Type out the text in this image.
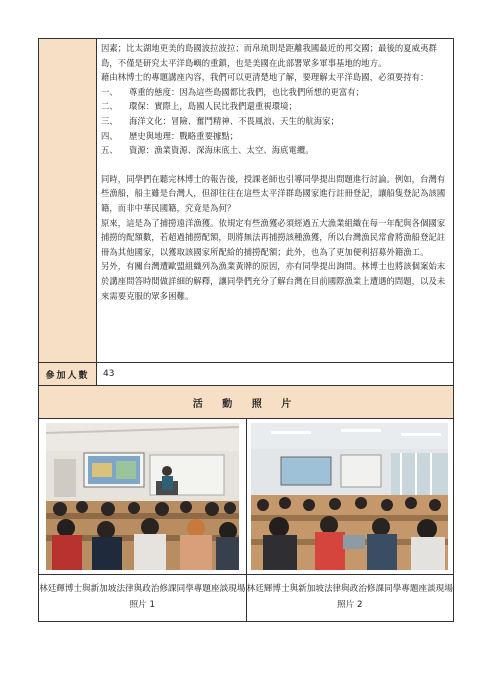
因素；比太湖地更美的島國波拉波拉；而帛琉則是距離我國最近的邦交國；最後的夏威夷群島，不僅是研究太平洋島嶼的重鎮，也是美國在此部署眾多軍事基地的地方。

藉由林博士的專題講座內容，我們可以更清楚地了解，要理解太平洋島國，必須要持有：

一、	尊重的態度：因為這些島國都比我們，也比我們所想的更富有；
二、	環保：實際上，島國人民比我們還重視環境；
三、	海洋文化：冒險、奮鬥精神、不畏風浪、天生的航海家；
四、	歷史與地理：戰略重要據點；
五、	資源：漁業資源、深海床底土、太空、海底電纜。

同時，同學們在聽完林博士的報告後，授課老師也引導同學提出問題進行討論。例如，台灣有些漁船，船主雖是台灣人，但卻往往在這些太平洋群島國家進行註冊登記，讓船隻登記為該國籍，而非中華民國籍，究竟是為何？

原來，這是為了捕撈遠洋漁獲。依規定有些漁獲必須經過五大漁業組織在每一年配與各個國家捕撈的配額數，若超過捕撈配額，則將無法再捕撈該種漁獲，所以台灣漁民常會將漁船登記註冊為其他國家，以獲取該國家所配給的捕撈配額；此外，也為了更加便利招募外籍漁工。

另外，有關台灣遭歐盟組織列為漁業黃牌的原因，亦有同學提出詢問。林博士也將該個案始末於講座問答時間做詳細的解釋，讓同學們充分了解台灣在目前國際漁業上遭遇的問題，以及未來需要克服的眾多困難。

參加人數	43
活 動 照 片
林廷輝博士與新加坡法律與政治修課同學專題座談現場照片 1
林廷輝博士與新加坡法律與政治修課同學專題座談現場照片 2
